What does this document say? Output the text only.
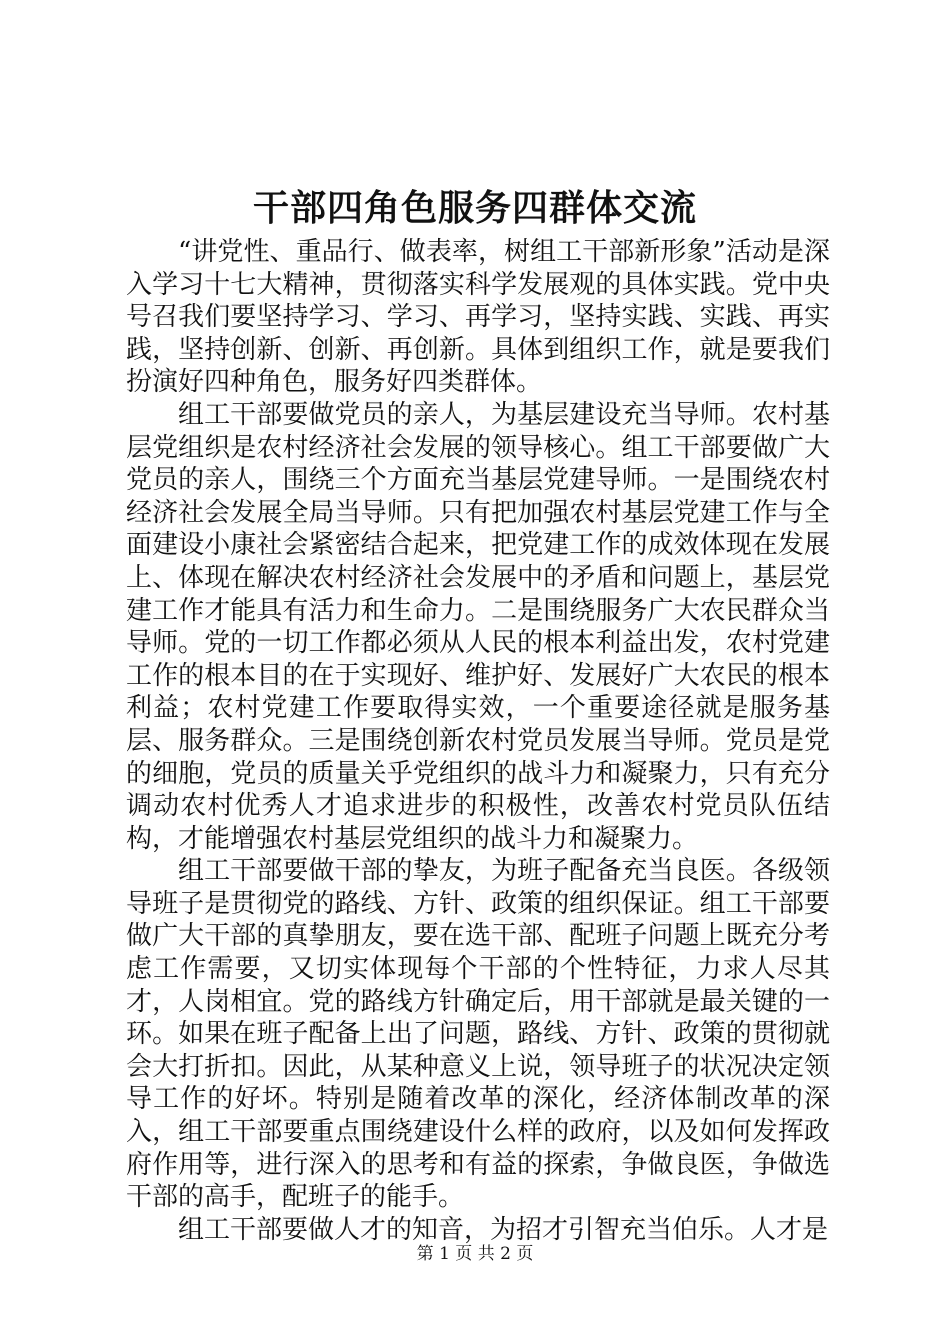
干部四角色服务四群体交流

“讲党性、重品行、做表率，树组工干部新形象”活动是深入学习十七大精神，贯彻落实科学发展观的具体实践。党中央号召我们要坚持学习、学习、再学习，坚持实践、实践、再实践，坚持创新、创新、再创新。具体到组织工作，就是要我们扮演好四种角色，服务好四类群体。

组工干部要做党员的亲人，为基层建设充当导师。农村基层党组织是农村经济社会发展的领导核心。组工干部要做广大党员的亲人，围绕三个方面充当基层党建导师。一是围绕农村经济社会发展全局当导师。只有把加强农村基层党建工作与全面建设小康社会紧密结合起来，把党建工作的成效体现在发展上、体现在解决农村经济社会发展中的矛盾和问题上，基层党建工作才能具有活力和生命力。二是围绕服务广大农民群众当导师。党的一切工作都必须从人民的根本利益出发，农村党建工作的根本目的在于实现好、维护好、发展好广大农民的根本利益；农村党建工作要取得实效，一个重要途径就是服务基层、服务群众。三是围绕创新农村党员发展当导师。党员是党的细胞，党员的质量关乎党组织的战斗力和凝聚力，只有充分调动农村优秀人才追求进步的积极性，改善农村党员队伍结构，才能增强农村基层党组织的战斗力和凝聚力。

组工干部要做干部的挚友，为班子配备充当良医。各级领导班子是贯彻党的路线、方针、政策的组织保证。组工干部要做广大干部的真挚朋友，要在选干部、配班子问题上既充分考虑工作需要，又切实体现每个干部的个性特征，力求人尽其才，人岗相宜。党的路线方针确定后，用干部就是最关键的一环。如果在班子配备上出了问题，路线、方针、政策的贯彻就会大打折扣。因此，从某种意义上说，领导班子的状况决定领导工作的好坏。特别是随着改革的深化，经济体制改革的深入，组工干部要重点围绕建设什么样的政府，以及如何发挥政府作用等，进行深入的思考和有益的探索，争做良医，争做选干部的高手，配班子的能手。

组工干部要做人才的知音，为招才引智充当伯乐。人才是

第 1 页 共 2 页
